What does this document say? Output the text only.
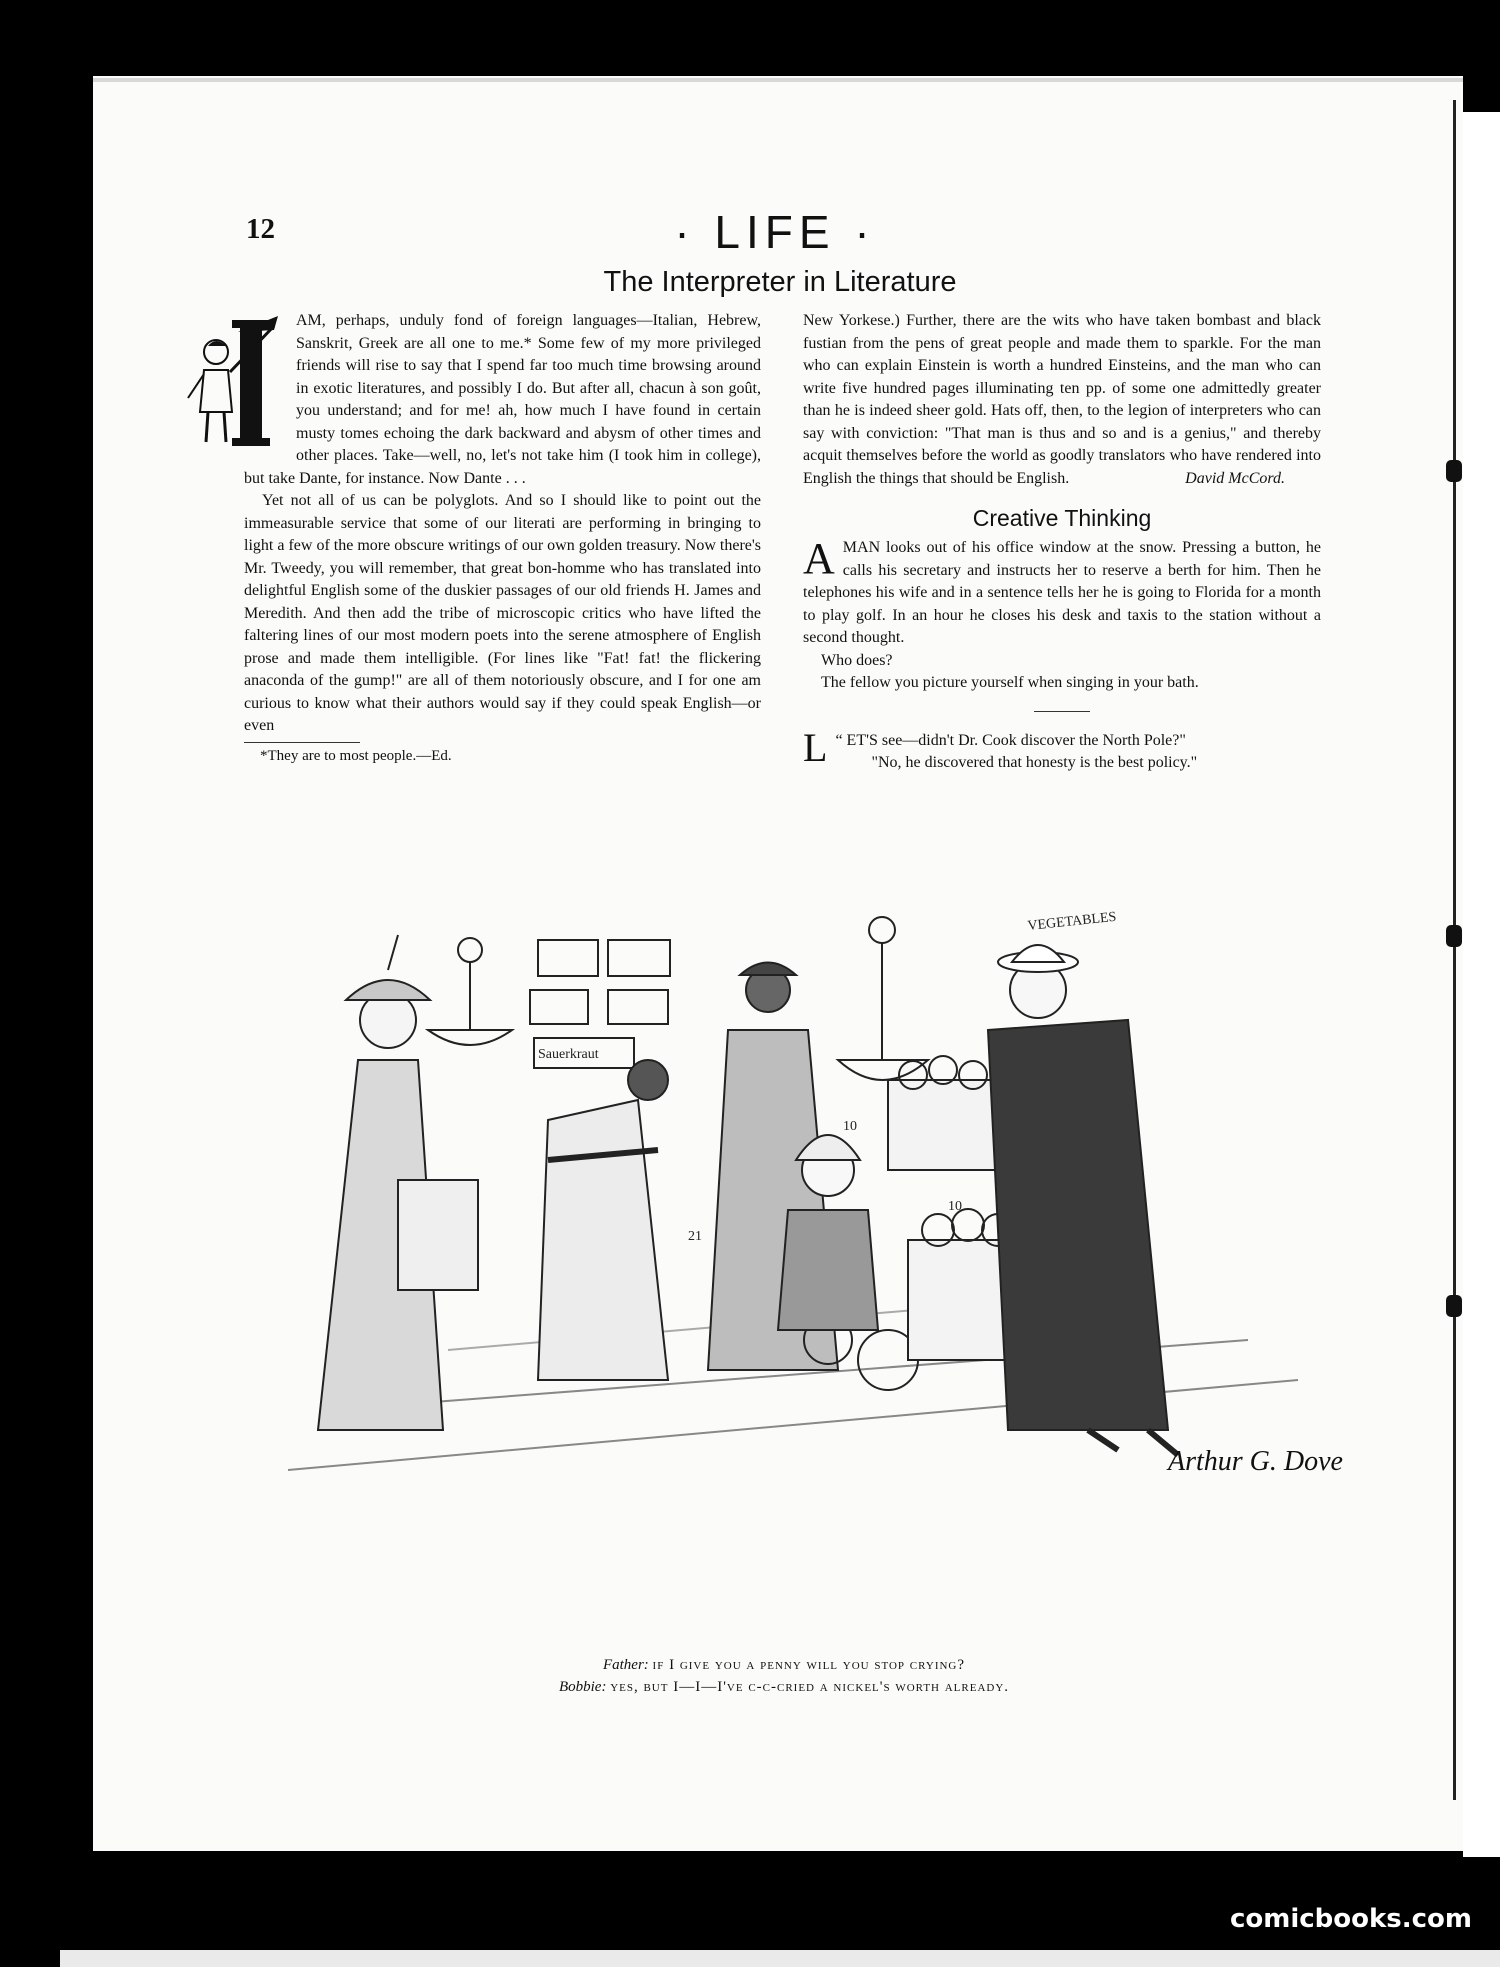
comicbooks.com
12	· LIFE ·
The Interpreter in Literature

AM, perhaps, unduly fond of foreign languages—Italian, Hebrew, Sanskrit, Greek are all one to me.* Some few of my more privileged friends will rise to say that I spend far too much time browsing around in exotic literatures, and possibly I do. But after all, chacun à son goût, you understand; and for me! ah, how much I have found in certain musty tomes echoing the dark backward and abysm of other times and other places. Take—well, no, let's not take him (I took him in college), but take Dante, for instance. Now Dante . . .

Yet not all of us can be polyglots. And so I should like to point out the immeasurable service that some of our literati are performing in bringing to light a few of the more obscure writings of our own golden treasury. Now there's Mr. Tweedy, you will remember, that great bon-homme who has translated into delightful English some of the duskier passages of our old friends H. James and Meredith. And then add the tribe of microscopic critics who have lifted the faltering lines of our most modern poets into the serene atmosphere of English prose and made them intelligible. (For lines like "Fat! fat! the flickering anaconda of the gump!" are all of them notoriously obscure, and I for one am curious to know what their authors would say if they could speak English—or even

*They are to most people.—Ed.

New Yorkese.) Further, there are the wits who have taken bombast and black fustian from the pens of great people and made them to sparkle. For the man who can explain Einstein is worth a hundred Einsteins, and the man who can write five hundred pages illuminating ten pp. of some one admittedly greater than he is indeed sheer gold. Hats off, then, to the legion of interpreters who can say with conviction: "That man is thus and so and is a genius," and thereby acquit themselves before the world as goodly translators who have rendered into English the things that should be English.	David McCord.
Creative Thinking

A MAN looks out of his office window at the snow. Pressing a button, he calls his secretary and instructs her to reserve a berth for him. Then he telephones his wife and in a sentence tells her he is going to Florida for a month to play golf. In an hour he closes his desk and taxis to the station without a second thought.

Who does?

The fellow you picture yourself when singing in your bath.

“
L ET'S see—didn't Dr. Cook discover the North Pole?"

"No, he discovered that honesty is the best policy."

Sauerkraut
VEGETABLES
21
10
10
Arthur G. Dove
Father: if I give you a penny will you stop crying?
Bobbie: yes, but I—I—I've c-c-cried a nickel's worth already.
